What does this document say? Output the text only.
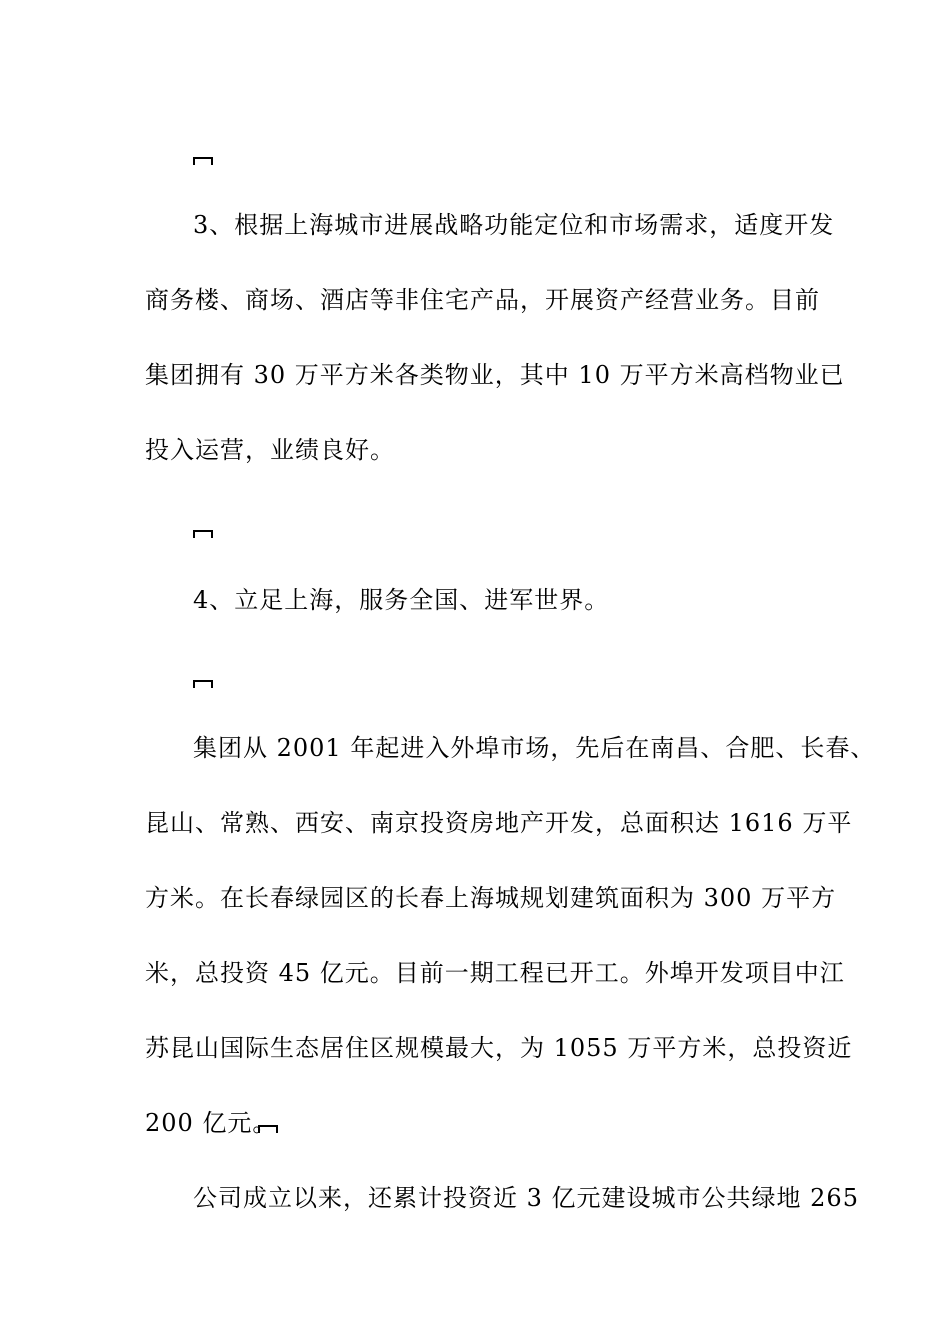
3、根据上海城市进展战略功能定位和市场需求，适度开发
商务楼、商场、酒店等非住宅产品，开展资产经营业务。目前
集团拥有 30 万平方米各类物业，其中 10 万平方米高档物业已
投入运营，业绩良好。
4、立足上海，服务全国、进军世界。
集团从 2001 年起进入外埠市场，先后在南昌、合肥、长春、
昆山、常熟、西安、南京投资房地产开发，总面积达 1616 万平
方米。在长春绿园区的长春上海城规划建筑面积为 300 万平方
米，总投资 45 亿元。目前一期工程已开工。外埠开发项目中江
苏昆山国际生态居住区规模最大，为 1055 万平方米，总投资近
200 亿元。
公司成立以来，还累计投资近 3 亿元建设城市公共绿地 265
